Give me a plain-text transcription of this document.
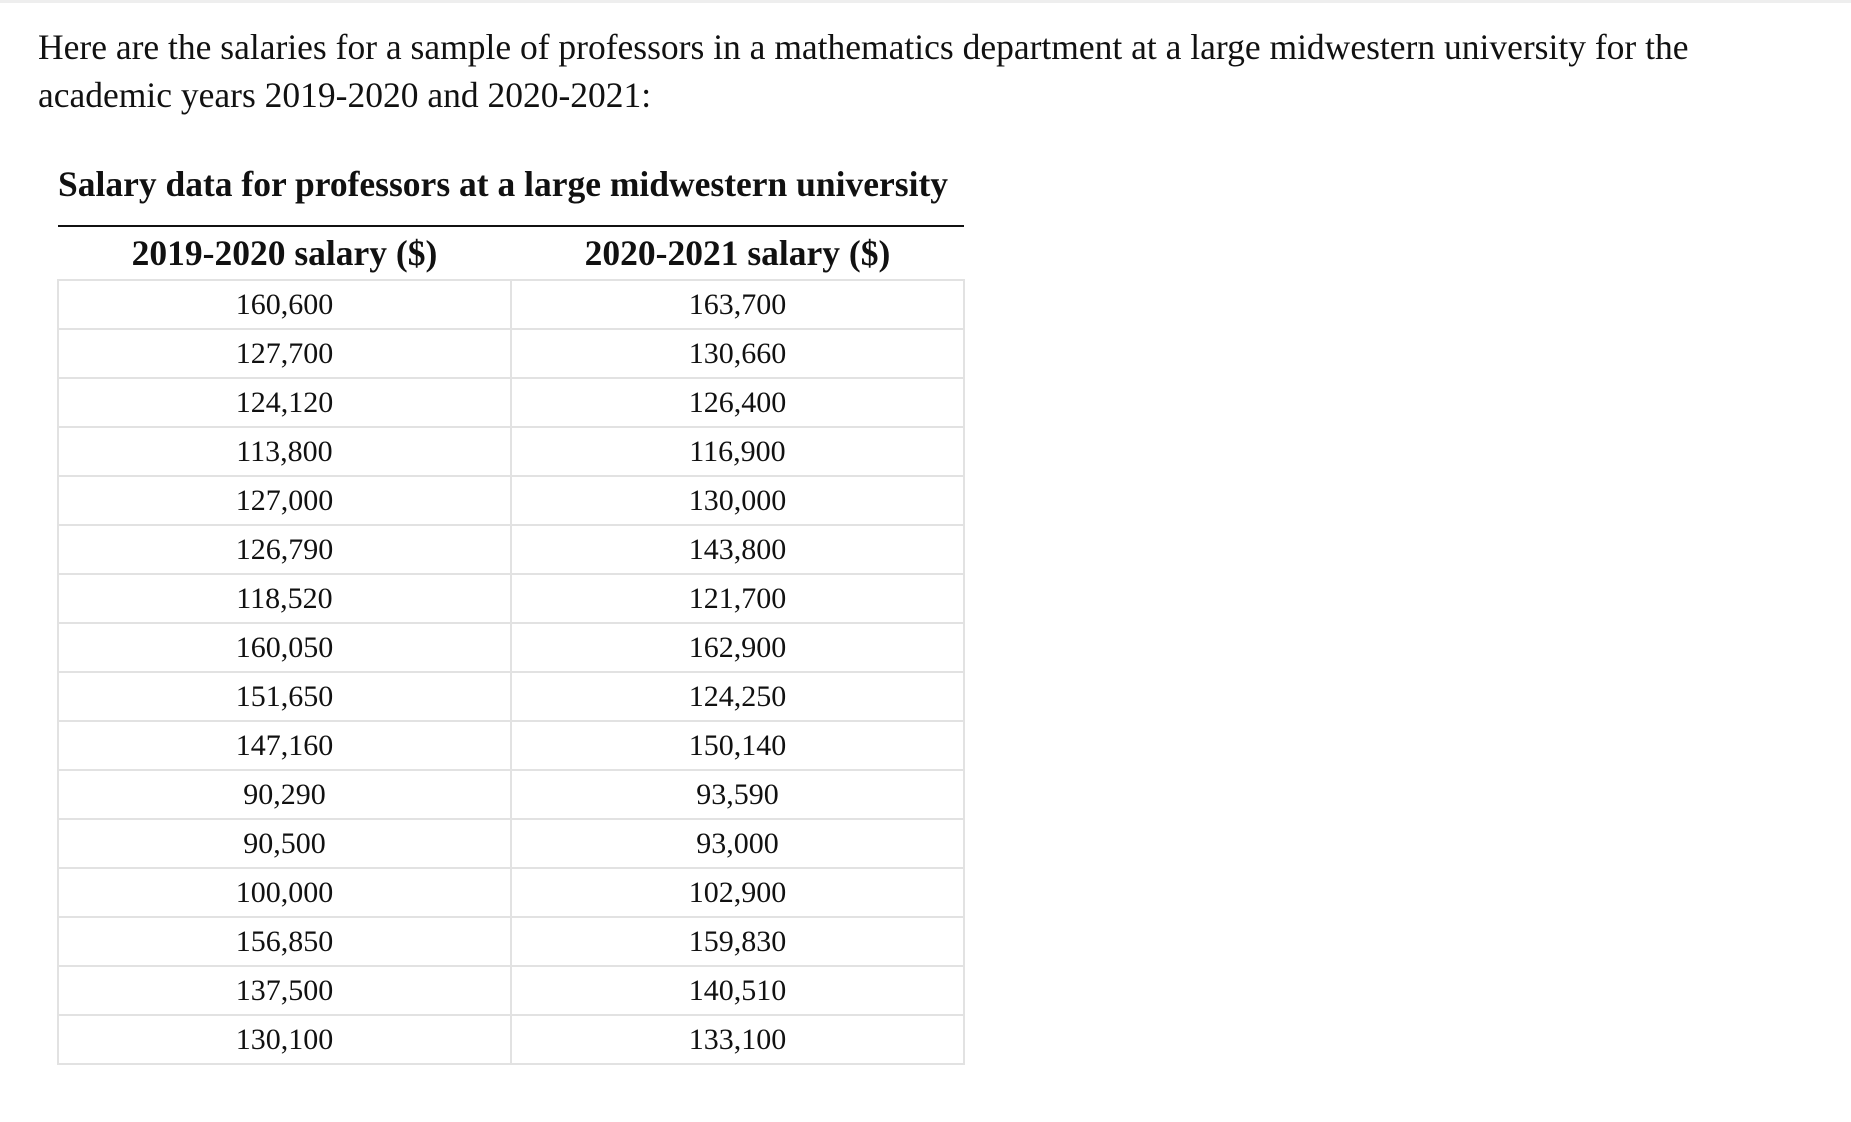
Here are the salaries for a sample of professors in a mathematics department at a large midwestern university for the academic years 2019-2020 and 2020-2021:

Salary data for professors at a large midwestern university
2019-2020 salary ($)	2020-2021 salary ($)
160,600	163,700
127,700	130,660
124,120	126,400
113,800	116,900
127,000	130,000
126,790	143,800
118,520	121,700
160,050	162,900
151,650	124,250
147,160	150,140
90,290	93,590
90,500	93,000
100,000	102,900
156,850	159,830
137,500	140,510
130,100	133,100
